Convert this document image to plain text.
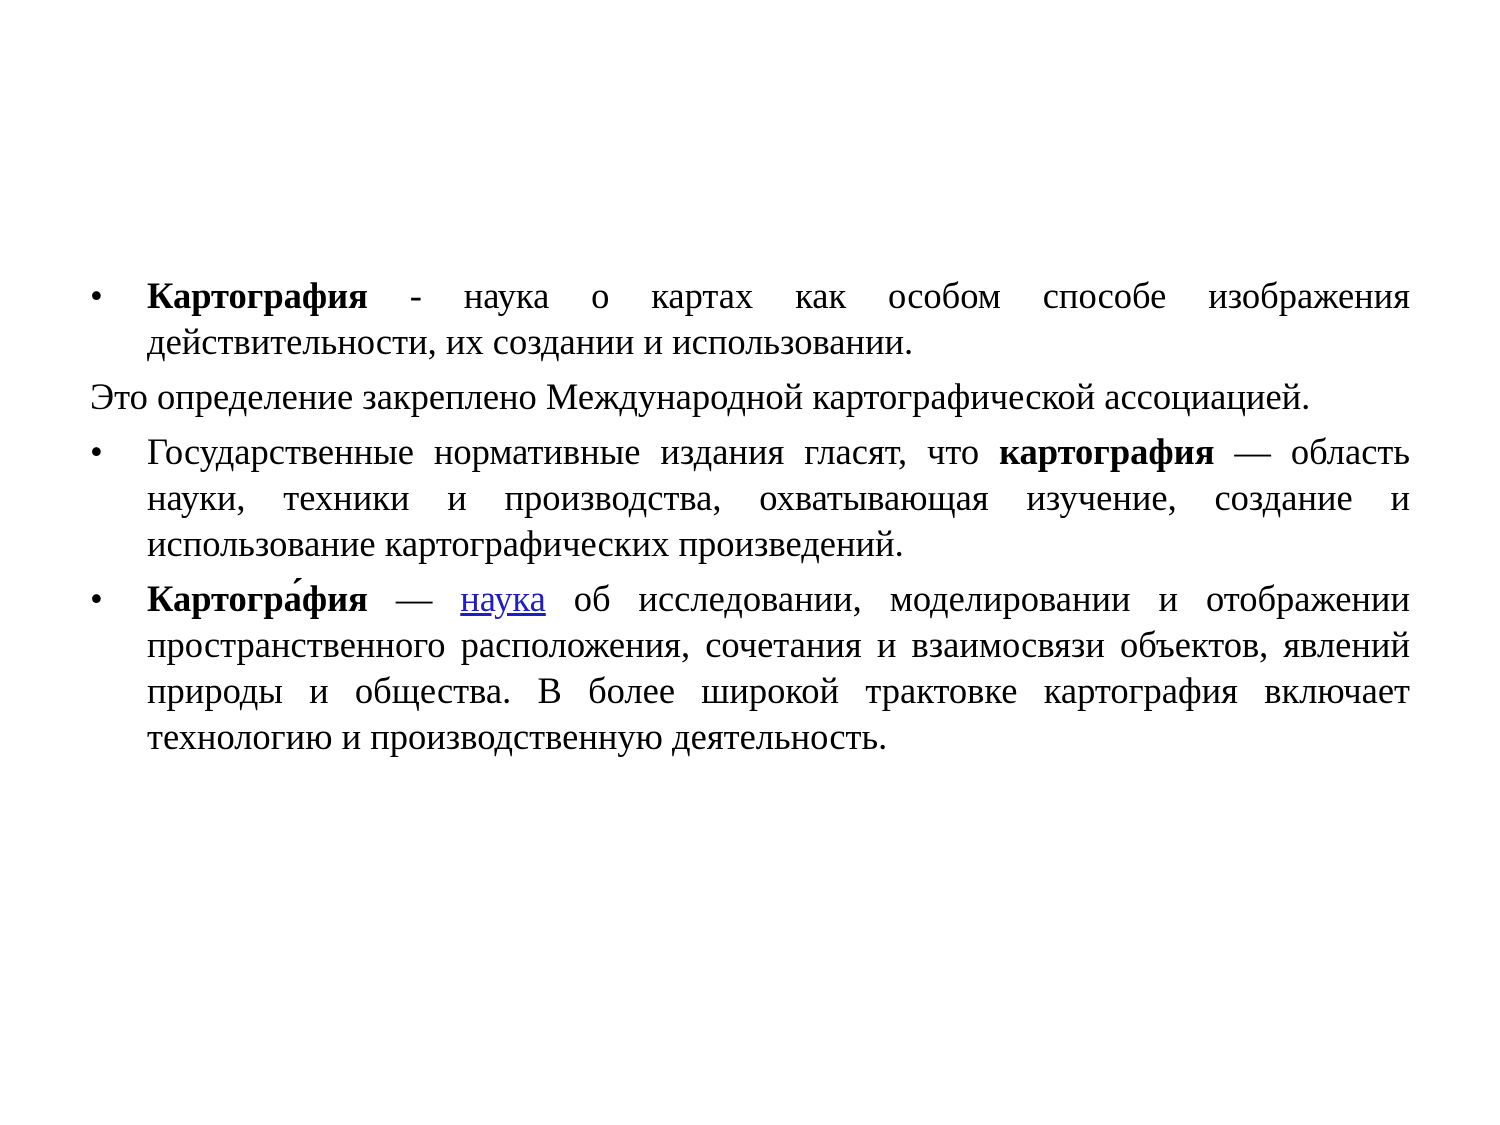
•	Картография - наука о картах как особом способе изображения действительности, их создании и использовании.
Это определение закреплено Международной картографической ассоциацией.
•	Государственные нормативные издания гласят, что картография — область науки, техники и производства, охватывающая изучение, создание и использование картографических произведений.
•	Картогра́фия — наука об исследовании, моделировании и отображении пространственного расположения, сочетания и взаимосвязи объектов, явлений природы и общества. В более широкой трактовке картография включает технологию и производственную деятельность.
